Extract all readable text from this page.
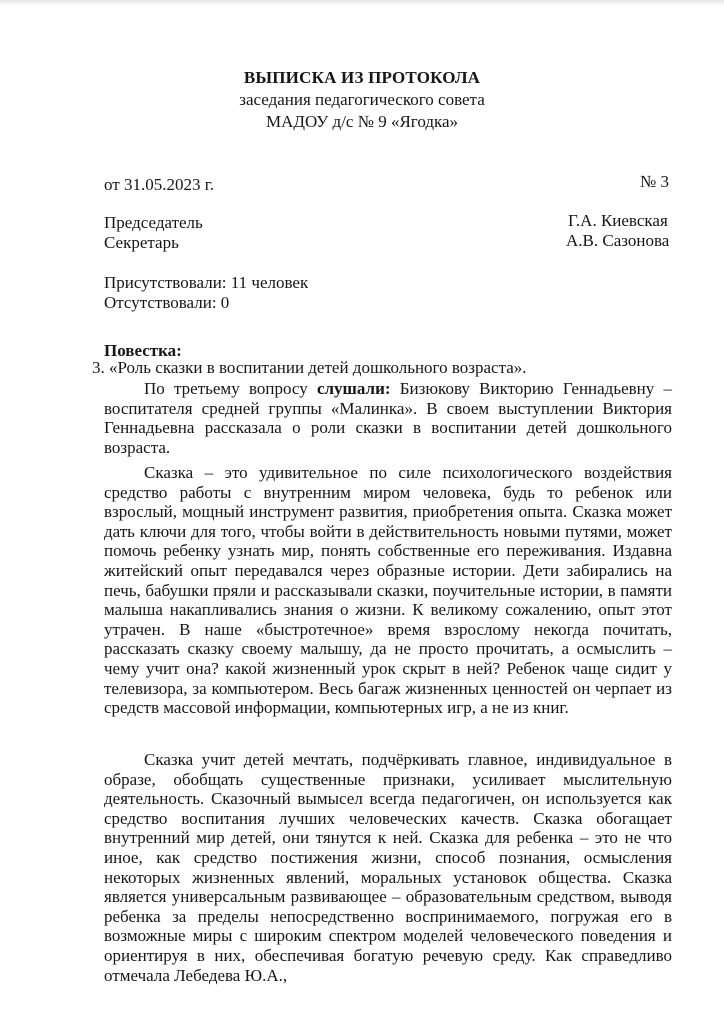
ВЫПИСКА ИЗ ПРОТОКОЛА
заседания педагогического совета
МАДОУ д/с № 9 «Ягодка»
от 31.05.2023 г.	№ 3
Председатель	Г.А. Киевская
Секретарь	А.В. Сазонова
Присутствовали: 11 человек
Отсутствовали: 0
Повестка:
3. «Роль сказки в воспитании детей дошкольного возраста».
По третьему вопросу слушали: Бизюкову Викторию Геннадьевну – воспитателя средней группы «Малинка». В своем выступлении Виктория Геннадьевна рассказала о роли сказки в воспитании детей дошкольного возраста.
Сказка – это удивительное по силе психологического воздействия средство работы с внутренним миром человека, будь то ребенок или взрослый, мощный инструмент развития, приобретения опыта. Сказка может дать ключи для того, чтобы войти в действительность новыми путями, может помочь ребенку узнать мир, понять собственные его переживания. Издавна житейский опыт передавался через образные истории. Дети забирались на печь, бабушки пряли и рассказывали сказки, поучительные истории, в памяти малыша накапливались знания о жизни. К великому сожалению, опыт этот утрачен. В наше «быстротечное» время взрослому некогда почитать, рассказать сказку своему малышу, да не просто прочитать, а осмыслить – чему учит она? какой жизненный урок скрыт в ней? Ребенок чаще сидит у телевизора, за компьютером. Весь багаж жизненных ценностей он черпает из средств массовой информации, компьютерных игр, а не из книг.
Сказка учит детей мечтать, подчёркивать главное, индивидуальное в образе, обобщать существенные признаки, усиливает мыслительную деятельность. Сказочный вымысел всегда педагогичен, он используется как средство воспитания лучших человеческих качеств. Сказка обогащает внутренний мир детей, они тянутся к ней. Сказка для ребенка – это не что иное, как средство постижения жизни, способ познания, осмысления некоторых жизненных явлений, моральных установок общества. Сказка является универсальным развивающее – образовательным средством, выводя ребенка за пределы непосредственно воспринимаемого, погружая его в возможные миры с широким спектром моделей человеческого поведения и ориентируя в них, обеспечивая богатую речевую среду. Как справедливо отмечала Лебедева Ю.А.,
